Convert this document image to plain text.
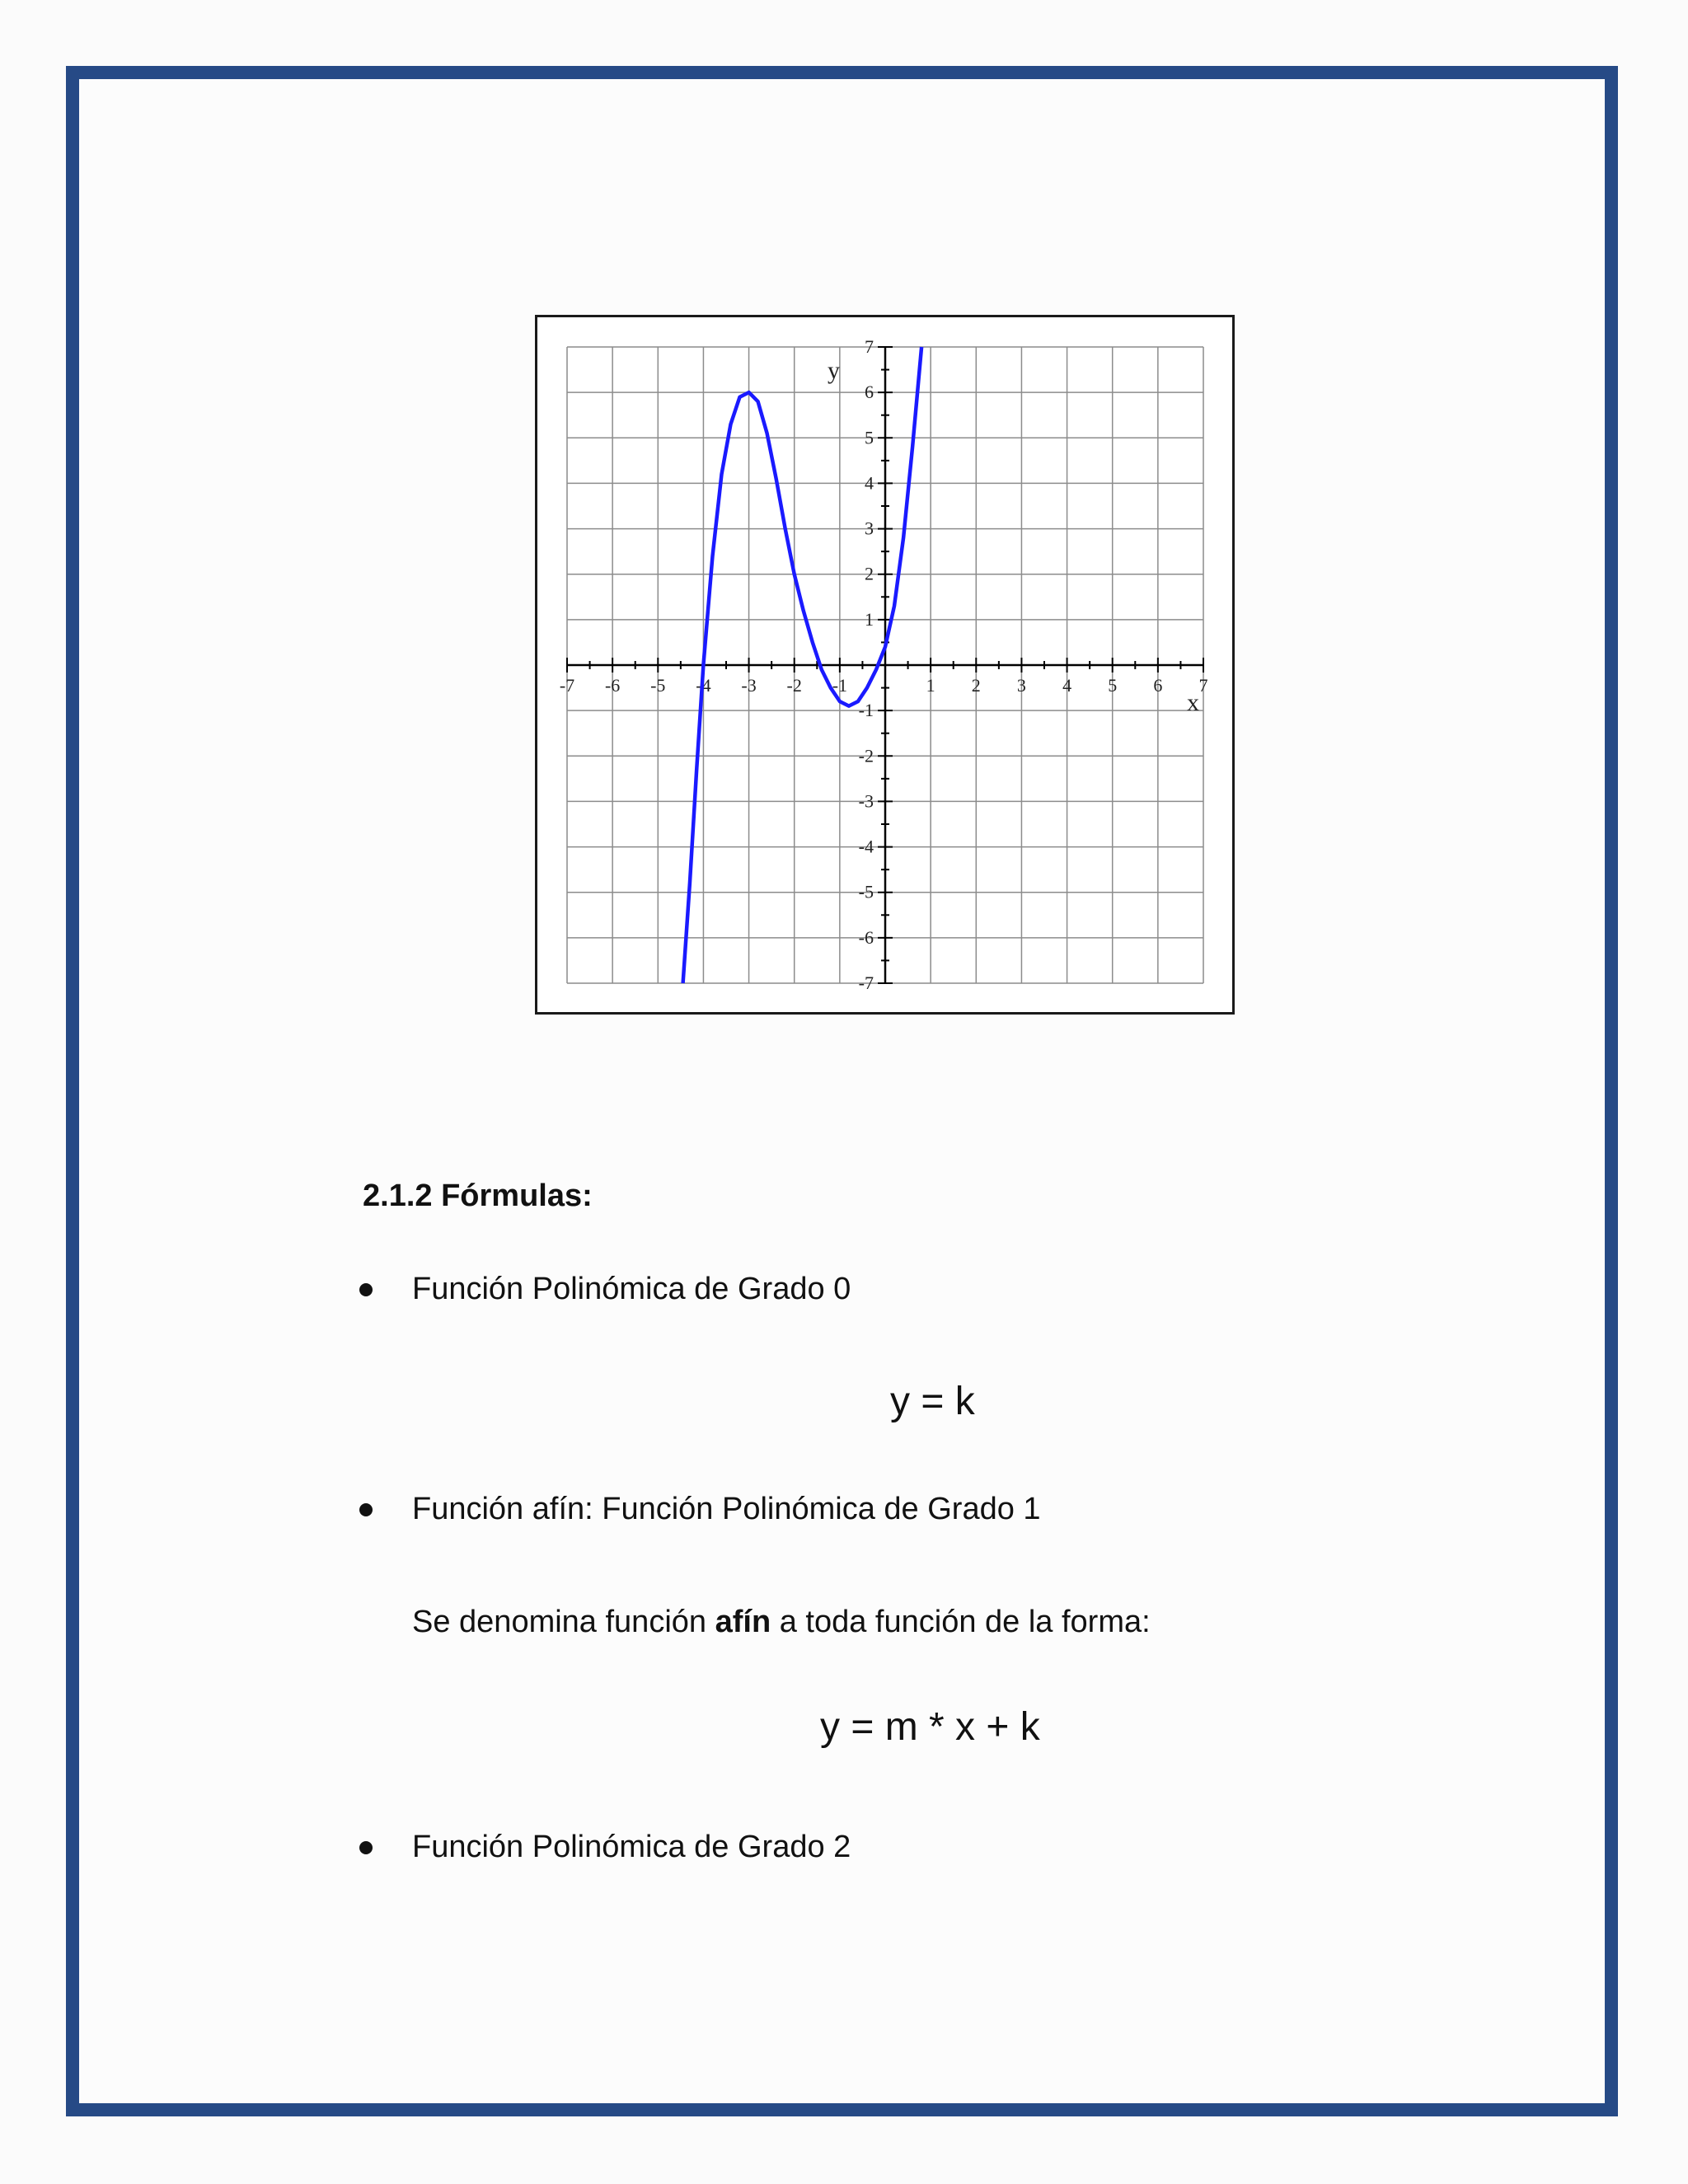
-7 -6 -5 -4 -3 -2 -1	1 2 3 4 5 6 7
7
6
5
4
3
2
1
-1
-2
-3
-4
-5
-6
-7
x
y
2.1.2 Fórmulas:
Función Polinómica de Grado 0
y = k
Función afín: Función Polinómica de Grado 1
Se denomina función afín a toda función de la forma:
y = m * x + k
Función Polinómica de Grado 2
